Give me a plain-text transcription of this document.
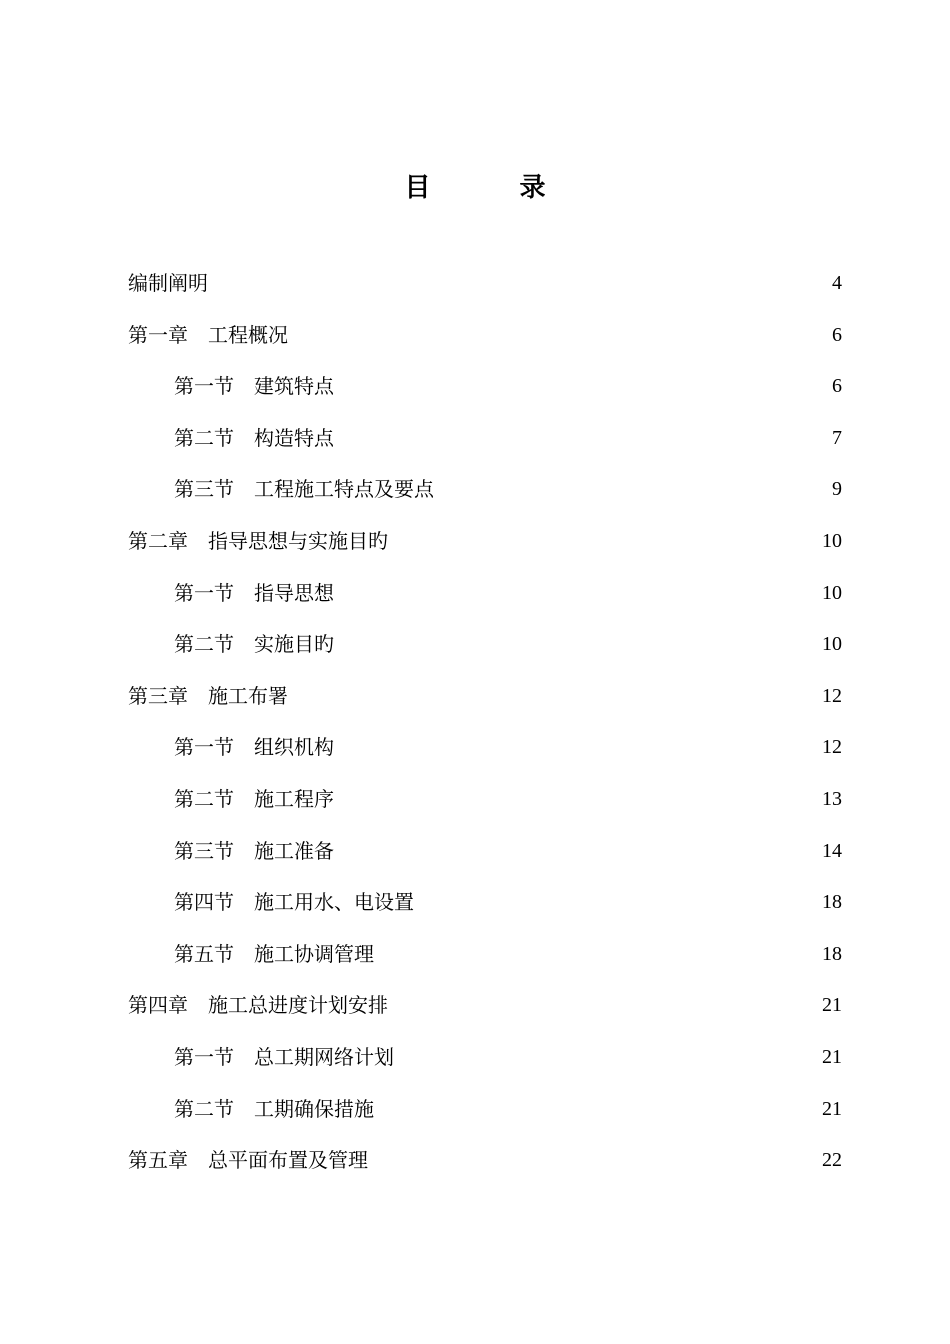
目 录
编制阐明	4
第一章　工程概况	6
第一节　建筑特点	6
第二节　构造特点	7
第三节　工程施工特点及要点	9
第二章　指导思想与实施目旳	10
第一节　指导思想	10
第二节　实施目旳	10
第三章　施工布署	12
第一节　组织机构	12
第二节　施工程序	13
第三节　施工准备	14
第四节　施工用水、电设置	18
第五节　施工协调管理	18
第四章　施工总进度计划安排	21
第一节　总工期网络计划	21
第二节　工期确保措施	21
第五章　总平面布置及管理	22
